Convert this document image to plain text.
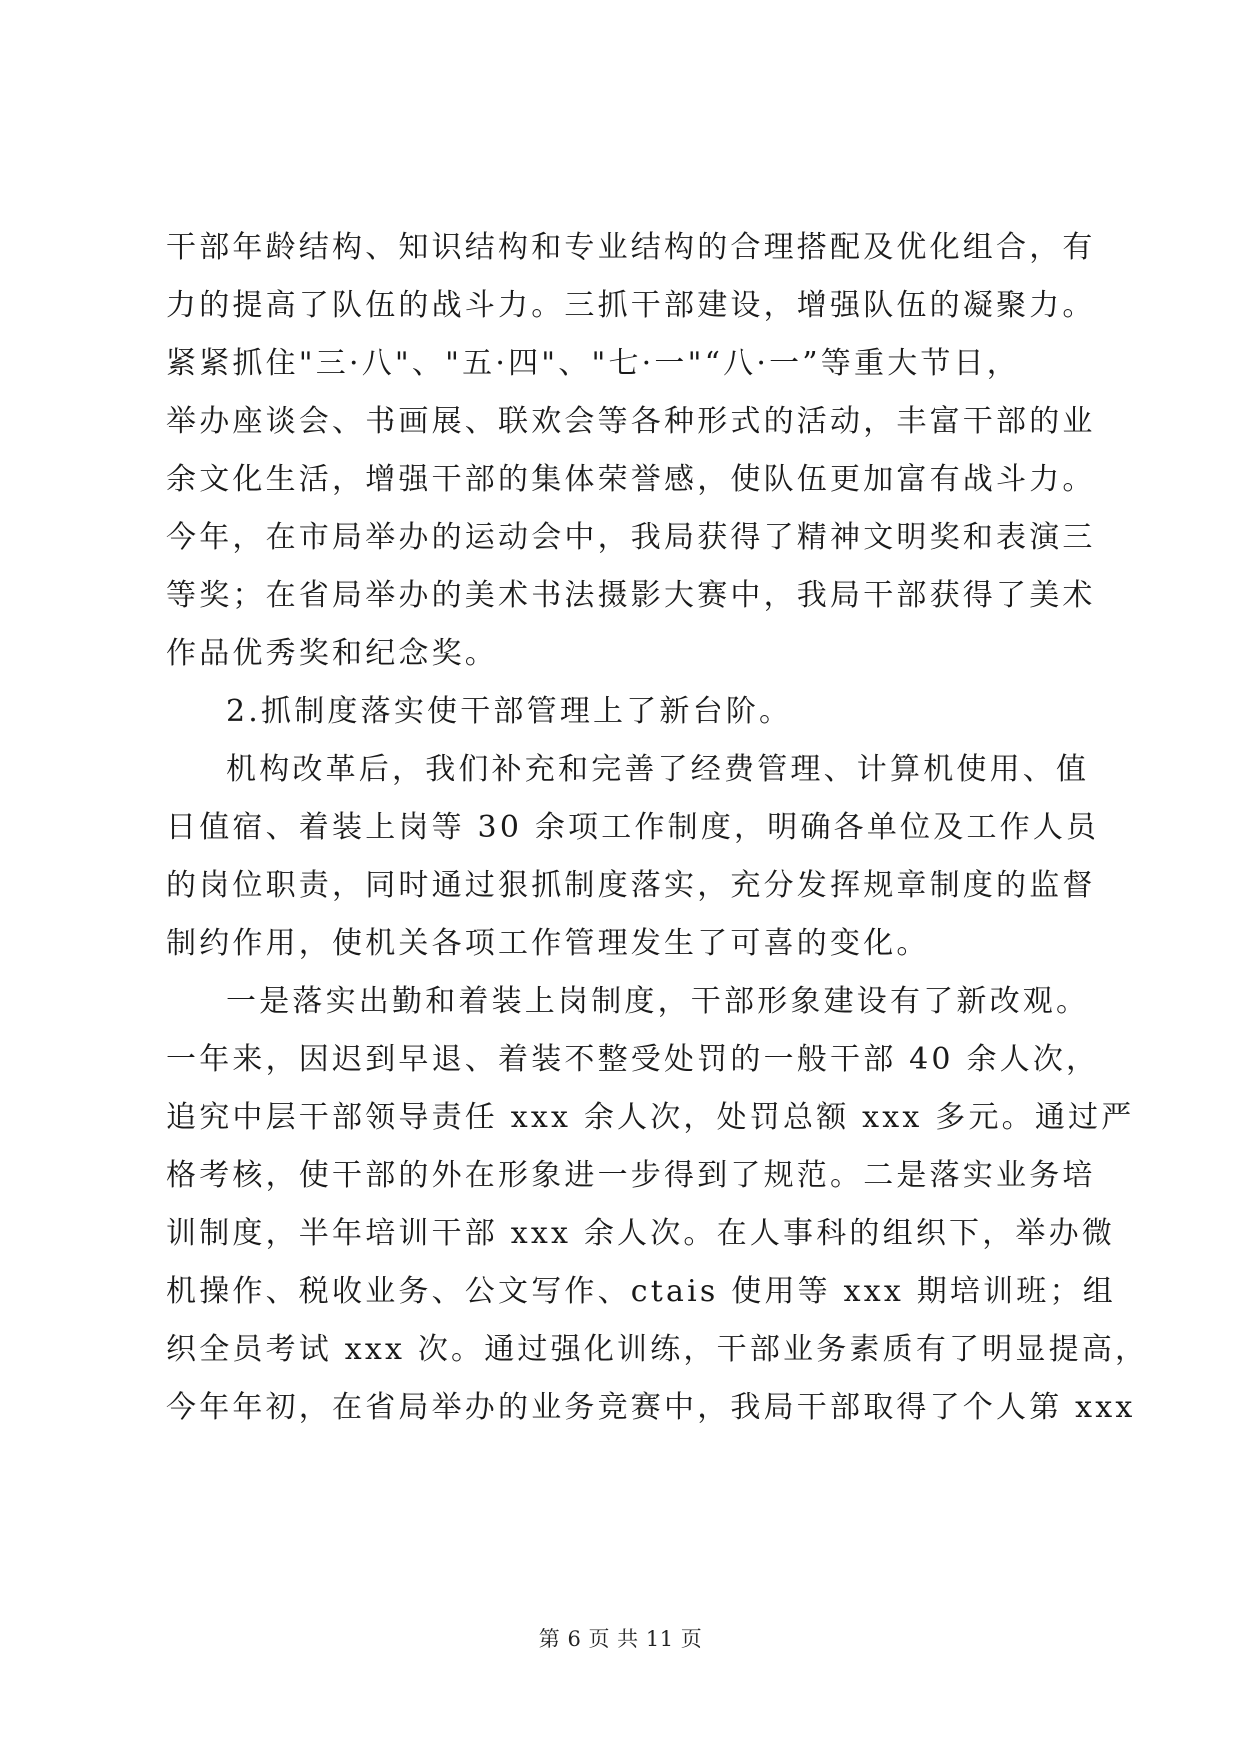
干部年龄结构、知识结构和专业结构的合理搭配及优化组合，有
力的提高了队伍的战斗力。三抓干部建设，增强队伍的凝聚力。
紧紧抓住"三·八"、"五·四"、"七·一"“八·一”等重大节日，
举办座谈会、书画展、联欢会等各种形式的活动，丰富干部的业
余文化生活，增强干部的集体荣誉感，使队伍更加富有战斗力。
今年，在市局举办的运动会中，我局获得了精神文明奖和表演三
等奖；在省局举办的美术书法摄影大赛中，我局干部获得了美术
作品优秀奖和纪念奖。
2.抓制度落实使干部管理上了新台阶。
机构改革后，我们补充和完善了经费管理、计算机使用、值
日值宿、着装上岗等 30 余项工作制度，明确各单位及工作人员
的岗位职责，同时通过狠抓制度落实，充分发挥规章制度的监督
制约作用，使机关各项工作管理发生了可喜的变化。
一是落实出勤和着装上岗制度，干部形象建设有了新改观。
一年来，因迟到早退、着装不整受处罚的一般干部 40 余人次，
追究中层干部领导责任 xxx 余人次，处罚总额 xxx 多元。通过严
格考核，使干部的外在形象进一步得到了规范。二是落实业务培
训制度，半年培训干部 xxx 余人次。在人事科的组织下，举办微
机操作、税收业务、公文写作、ctais 使用等 xxx 期培训班；组
织全员考试 xxx 次。通过强化训练，干部业务素质有了明显提高，
今年年初，在省局举办的业务竞赛中，我局干部取得了个人第 xxx
第 6 页 共 11 页
